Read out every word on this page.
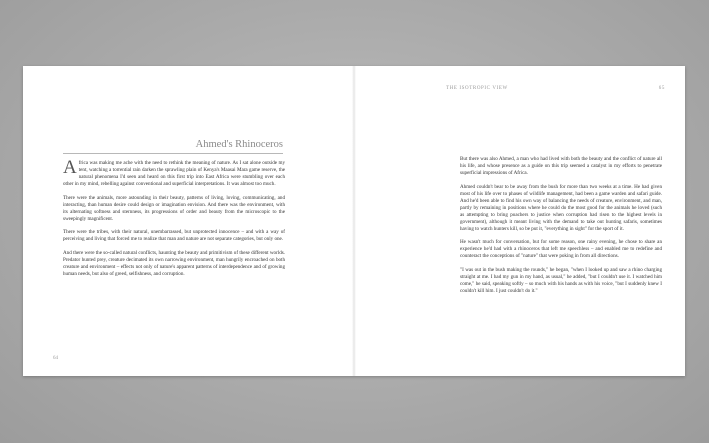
Ahmed's Rhinoceros

Africa was making me ache with the need to rethink the meaning of nature. As I sat alone outside my tent, watching a torrential rain darken the sprawling plain of Kenya's Maasai Mara game reserve, the natural phenomena I'd seen and heard on this first trip into East Africa were stumbling over each other in my mind, rebelling against conventional and superficial interpretations. It was almost too much.

There were the animals, more astounding in their beauty, patterns of living, loving, communicating, and interacting, than human desire could design or imagination envision. And there was the environment, with its alternating softness and sternness, its progressions of order and beauty from the microscopic to the sweepingly magnificent.

There were the tribes, with their natural, unembarrassed, but unprotected innocence – and with a way of perceiving and living that forced me to realize that man and nature are not separate categories, but only one.

And there were the so-called natural conflicts, haunting the beauty and primitivism of these different worlds. Predator hunted prey, creature decimated its own narrowing environment, man hungrily encroached on both creature and environment – effects not only of nature's apparent patterns of interdependence and of growing human needs, but also of greed, selfishness, and corruption.

64
THE ISOTROPIC VIEW	65

But there was also Ahmed, a man who had lived with both the beauty and the conflict of nature all his life, and whose presence as a guide on this trip seemed a catalyst in my efforts to penetrate superficial impressions of Africa.

Ahmed couldn't bear to be away from the bush for more than two weeks at a time. He had given most of his life over to phases of wildlife management, had been a game warden and safari guide. And he'd been able to find his own way of balancing the needs of creature, environment, and man, partly by remaining in positions where he could do the most good for the animals he loved (such as attempting to bring poachers to justice when corruption had risen to the highest levels in government), although it meant living with the demand to take out hunting safaris, sometimes having to watch hunters kill, so be put it, "everything in sight" for the sport of it.

He wasn't much for conversation, but for some reason, one rainy evening, he chose to share an experience he'd had with a rhinoceros that left me speechless – and enabled me to redefine and counteract the conceptions of "nature" that were poking in from all directions.

"I was out in the bush making the rounds," he began, "when I looked up and saw a rhino charging straight at me. I had my gun in my hand, as usual," he added, "but I couldn't use it. I watched him come," he said, speaking softly – so much with his hands as with his voice, "but I suddenly knew I couldn't kill him. I just couldn't do it."
